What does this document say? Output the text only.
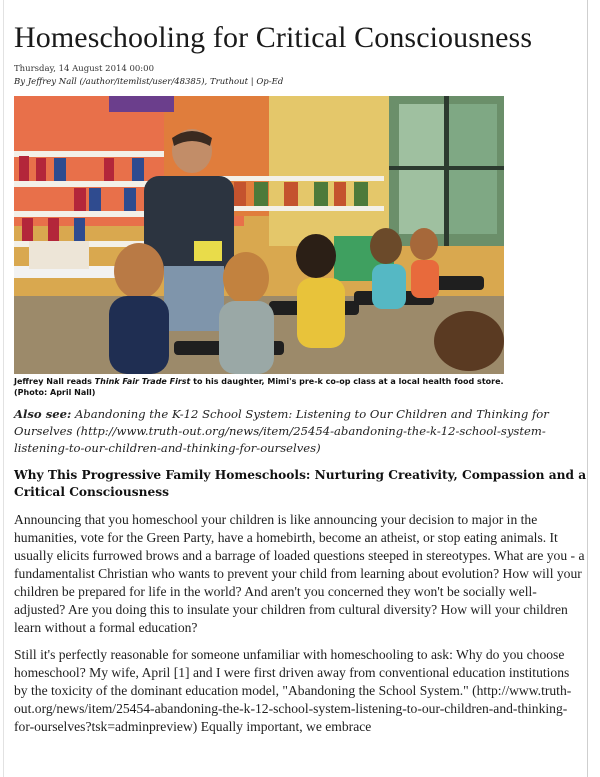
Homeschooling for Critical Consciousness
Thursday, 14 August 2014 00:00
By Jeffrey Nall (/author/itemlist/user/48385), Truthout | Op-Ed
Jeffrey Nall reads Think Fair Trade First to his daughter, Mimi's pre-k co-op class at a local health food store. (Photo: April Nall)
Also see: Abandoning the K-12 School System: Listening to Our Children and Thinking for Ourselves (http://www.truth-out.org/news/item/25454-abandoning-the-k-12-school-system-listening-to-our-children-and-thinking-for-ourselves)
Why This Progressive Family Homeschools: Nurturing Creativity, Compassion and a Critical Consciousness
Announcing that you homeschool your children is like announcing your decision to major in the humanities, vote for the Green Party, have a homebirth, become an atheist, or stop eating animals. It usually elicits furrowed brows and a barrage of loaded questions steeped in stereotypes. What are you - a fundamentalist Christian who wants to prevent your child from learning about evolution? How will your children be prepared for life in the world? And aren't you concerned they won't be socially well-adjusted? Are you doing this to insulate your children from cultural diversity? How will your children learn without a formal education?
Still it's perfectly reasonable for someone unfamiliar with homeschooling to ask: Why do you choose homeschool? My wife, April [1] and I were first driven away from conventional education institutions by the toxicity of the dominant education model, "Abandoning the School System." (http://www.truth-out.org/news/item/25454-abandoning-the-k-12-school-system-listening-to-our-children-and-thinking-for-ourselves?tsk=adminpreview) Equally important, we embrace
